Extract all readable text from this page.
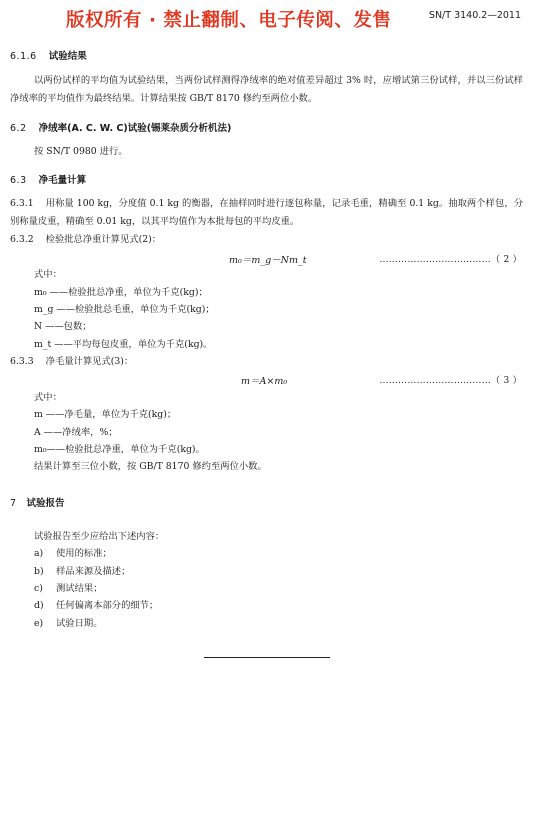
SN/T 3140.2—2011
版权所有 · 禁止翻制、电子传阅、发售
6.1.6 试验结果
以两份试样的平均值为试验结果，当两份试样测得净绒率的绝对值差异超过 3% 时，应增试第三份试样，并以三份试样净绒率的平均值作为最终结果。计算结果按 GB/T 8170 修约至两位小数。
6.2 净绒率(A. C. W. C)试验(锡莱杂质分析机法)
按 SN/T 0980 进行。
6.3 净毛量计算
6.3.1 用称量 100 kg，分度值 0.1 kg 的衡器，在抽样同时进行逐包称量，记录毛重，精确至 0.1 kg。抽取两个样包，分别称量皮重，精确至 0.01 kg，以其平均值作为本批每包的平均皮重。
6.3.2 检验批总净重计算见式(2)：
m₀＝m_g－Nm_t	………………………………（ 2 ）
式中：
m₀ ——检验批总净重，单位为千克(kg)；
m_g ——检验批总毛重，单位为千克(kg)；
N ——包数；
m_t ——平均每包皮重，单位为千克(kg)。
6.3.3 净毛量计算见式(3)：
m＝A×m₀	………………………………（ 3 ）
式中：
m ——净毛量，单位为千克(kg)；
A ——净绒率，%；
m₀——检验批总净重，单位为千克(kg)。
结果计算至三位小数，按 GB/T 8170 修约至两位小数。
7 试验报告
试验报告至少应给出下述内容：
a) 使用的标准；
b) 样品来源及描述；
c) 测试结果；
d) 任何偏离本部分的细节；
e) 试验日期。
